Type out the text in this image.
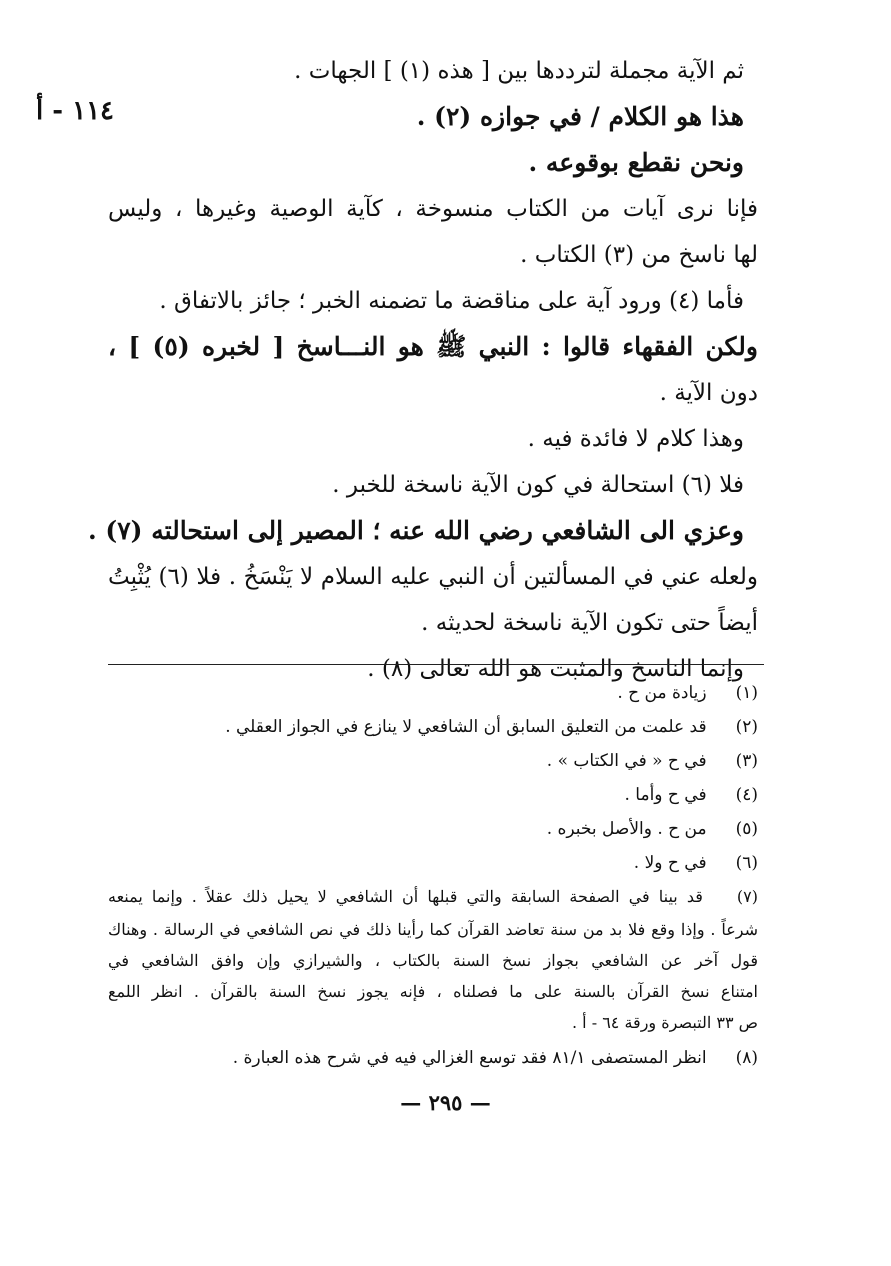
١١٤ - أ
ثم الآية مجملة لترددها بين [ هذه (١) ] الجهات .
هذا هو الكلام / في جوازه (٢) .
ونحن نقطع بوقوعه .
فإنا نرى آيات من الكتاب منسوخة ، كآية الوصية وغيرها ، وليس
لها ناسخ من (٣) الكتاب .
فأما (٤) ورود آية على مناقضة ما تضمنه الخبر ؛ جائز بالاتفاق .
ولكن الفقهاء قالوا : النبي ﷺ هو النـــاسخ [ لخبره (٥) ] ،
دون الآية .
وهذا كلام لا فائدة فيه .
فلا (٦) استحالة في كون الآية ناسخة للخبر .
وعزي الى الشافعي رضي الله عنه ؛ المصير إلى استحالته (٧) .
ولعله عني في المسألتين أن النبي عليه السلام لا يَنْسَخُ . فلا (٦) يُثْبِتُ
أيضاً حتى تكون الآية ناسخة لحديثه .
وإنما الناسخ والمثبت هو الله تعالى (٨) .
(١) زيادة من ح .
(٢) قد علمت من التعليق السابق أن الشافعي لا ينازع في الجواز العقلي .
(٣) في ح « في الكتاب » .
(٤) في ح وأما .
(٥) من ح . والأصل بخبره .
(٦) في ح ولا .
(٧) قد بينا في الصفحة السابقة والتي قبلها أن الشافعي لا يحيل ذلك عقلاً . وإنما يمنعه
شرعاً . وإذا وقع فلا بد من سنة تعاضد القرآن كما رأينا ذلك في نص الشافعي في الرسالة . وهناك
قول آخر عن الشافعي بجواز نسخ السنة بالكتاب ، والشيرازي وإن وافق الشافعي في
امتناع نسخ القرآن بالسنة على ما فصلناه ، فإنه يجوز نسخ السنة بالقرآن . انظر اللمع
ص ٣٣ التبصرة ورقة ٦٤ - أ .
(٨) انظر المستصفى ٨١/١ فقد توسع الغزالي فيه في شرح هذه العبارة .
— ٢٩٥ —
